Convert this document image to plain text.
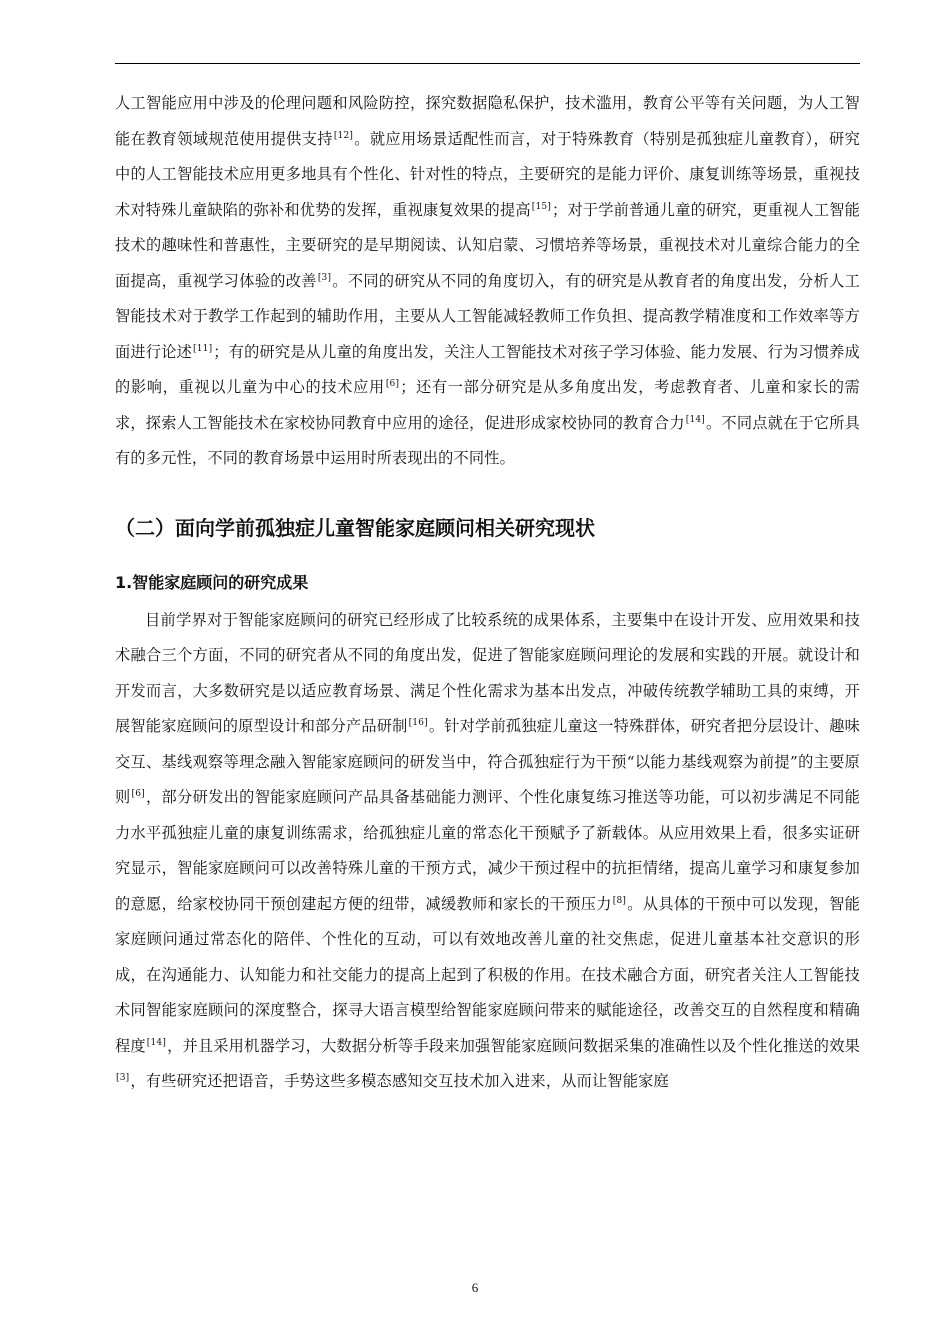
人工智能应用中涉及的伦理问题和风险防控，探究数据隐私保护，技术滥用，教育公平等有关问题，为人工智能在教育领域规范使用提供支持[12]。就应用场景适配性而言，对于特殊教育（特别是孤独症儿童教育），研究中的人工智能技术应用更多地具有个性化、针对性的特点，主要研究的是能力评价、康复训练等场景，重视技术对特殊儿童缺陷的弥补和优势的发挥，重视康复效果的提高[15]；对于学前普通儿童的研究，更重视人工智能技术的趣味性和普惠性，主要研究的是早期阅读、认知启蒙、习惯培养等场景，重视技术对儿童综合能力的全面提高，重视学习体验的改善[3]。不同的研究从不同的角度切入，有的研究是从教育者的角度出发，分析人工智能技术对于教学工作起到的辅助作用，主要从人工智能减轻教师工作负担、提高教学精准度和工作效率等方面进行论述[11]；有的研究是从儿童的角度出发，关注人工智能技术对孩子学习体验、能力发展、行为习惯养成的影响，重视以儿童为中心的技术应用[6]；还有一部分研究是从多角度出发，考虑教育者、儿童和家长的需求，探索人工智能技术在家校协同教育中应用的途径，促进形成家校协同的教育合力[14]。不同点就在于它所具有的多元性，不同的教育场景中运用时所表现出的不同性。

（二）面向学前孤独症儿童智能家庭顾问相关研究现状
1.智能家庭顾问的研究成果

目前学界对于智能家庭顾问的研究已经形成了比较系统的成果体系，主要集中在设计开发、应用效果和技术融合三个方面，不同的研究者从不同的角度出发，促进了智能家庭顾问理论的发展和实践的开展。就设计和开发而言，大多数研究是以适应教育场景、满足个性化需求为基本出发点，冲破传统教学辅助工具的束缚，开展智能家庭顾问的原型设计和部分产品研制[16]。针对学前孤独症儿童这一特殊群体，研究者把分层设计、趣味交互、基线观察等理念融入智能家庭顾问的研发当中，符合孤独症行为干预“以能力基线观察为前提”的主要原则[6]，部分研发出的智能家庭顾问产品具备基础能力测评、个性化康复练习推送等功能，可以初步满足不同能力水平孤独症儿童的康复训练需求，给孤独症儿童的常态化干预赋予了新载体。从应用效果上看，很多实证研究显示，智能家庭顾问可以改善特殊儿童的干预方式，减少干预过程中的抗拒情绪，提高儿童学习和康复参加的意愿，给家校协同干预创建起方便的纽带，减缓教师和家长的干预压力[8]。从具体的干预中可以发现，智能家庭顾问通过常态化的陪伴、个性化的互动，可以有效地改善儿童的社交焦虑，促进儿童基本社交意识的形成，在沟通能力、认知能力和社交能力的提高上起到了积极的作用。在技术融合方面，研究者关注人工智能技术同智能家庭顾问的深度整合，探寻大语言模型给智能家庭顾问带来的赋能途径，改善交互的自然程度和精确程度[14]，并且采用机器学习，大数据分析等手段来加强智能家庭顾问数据采集的准确性以及个性化推送的效果[3]，有些研究还把语音，手势这些多模态感知交互技术加入进来，从而让智能家庭

6
